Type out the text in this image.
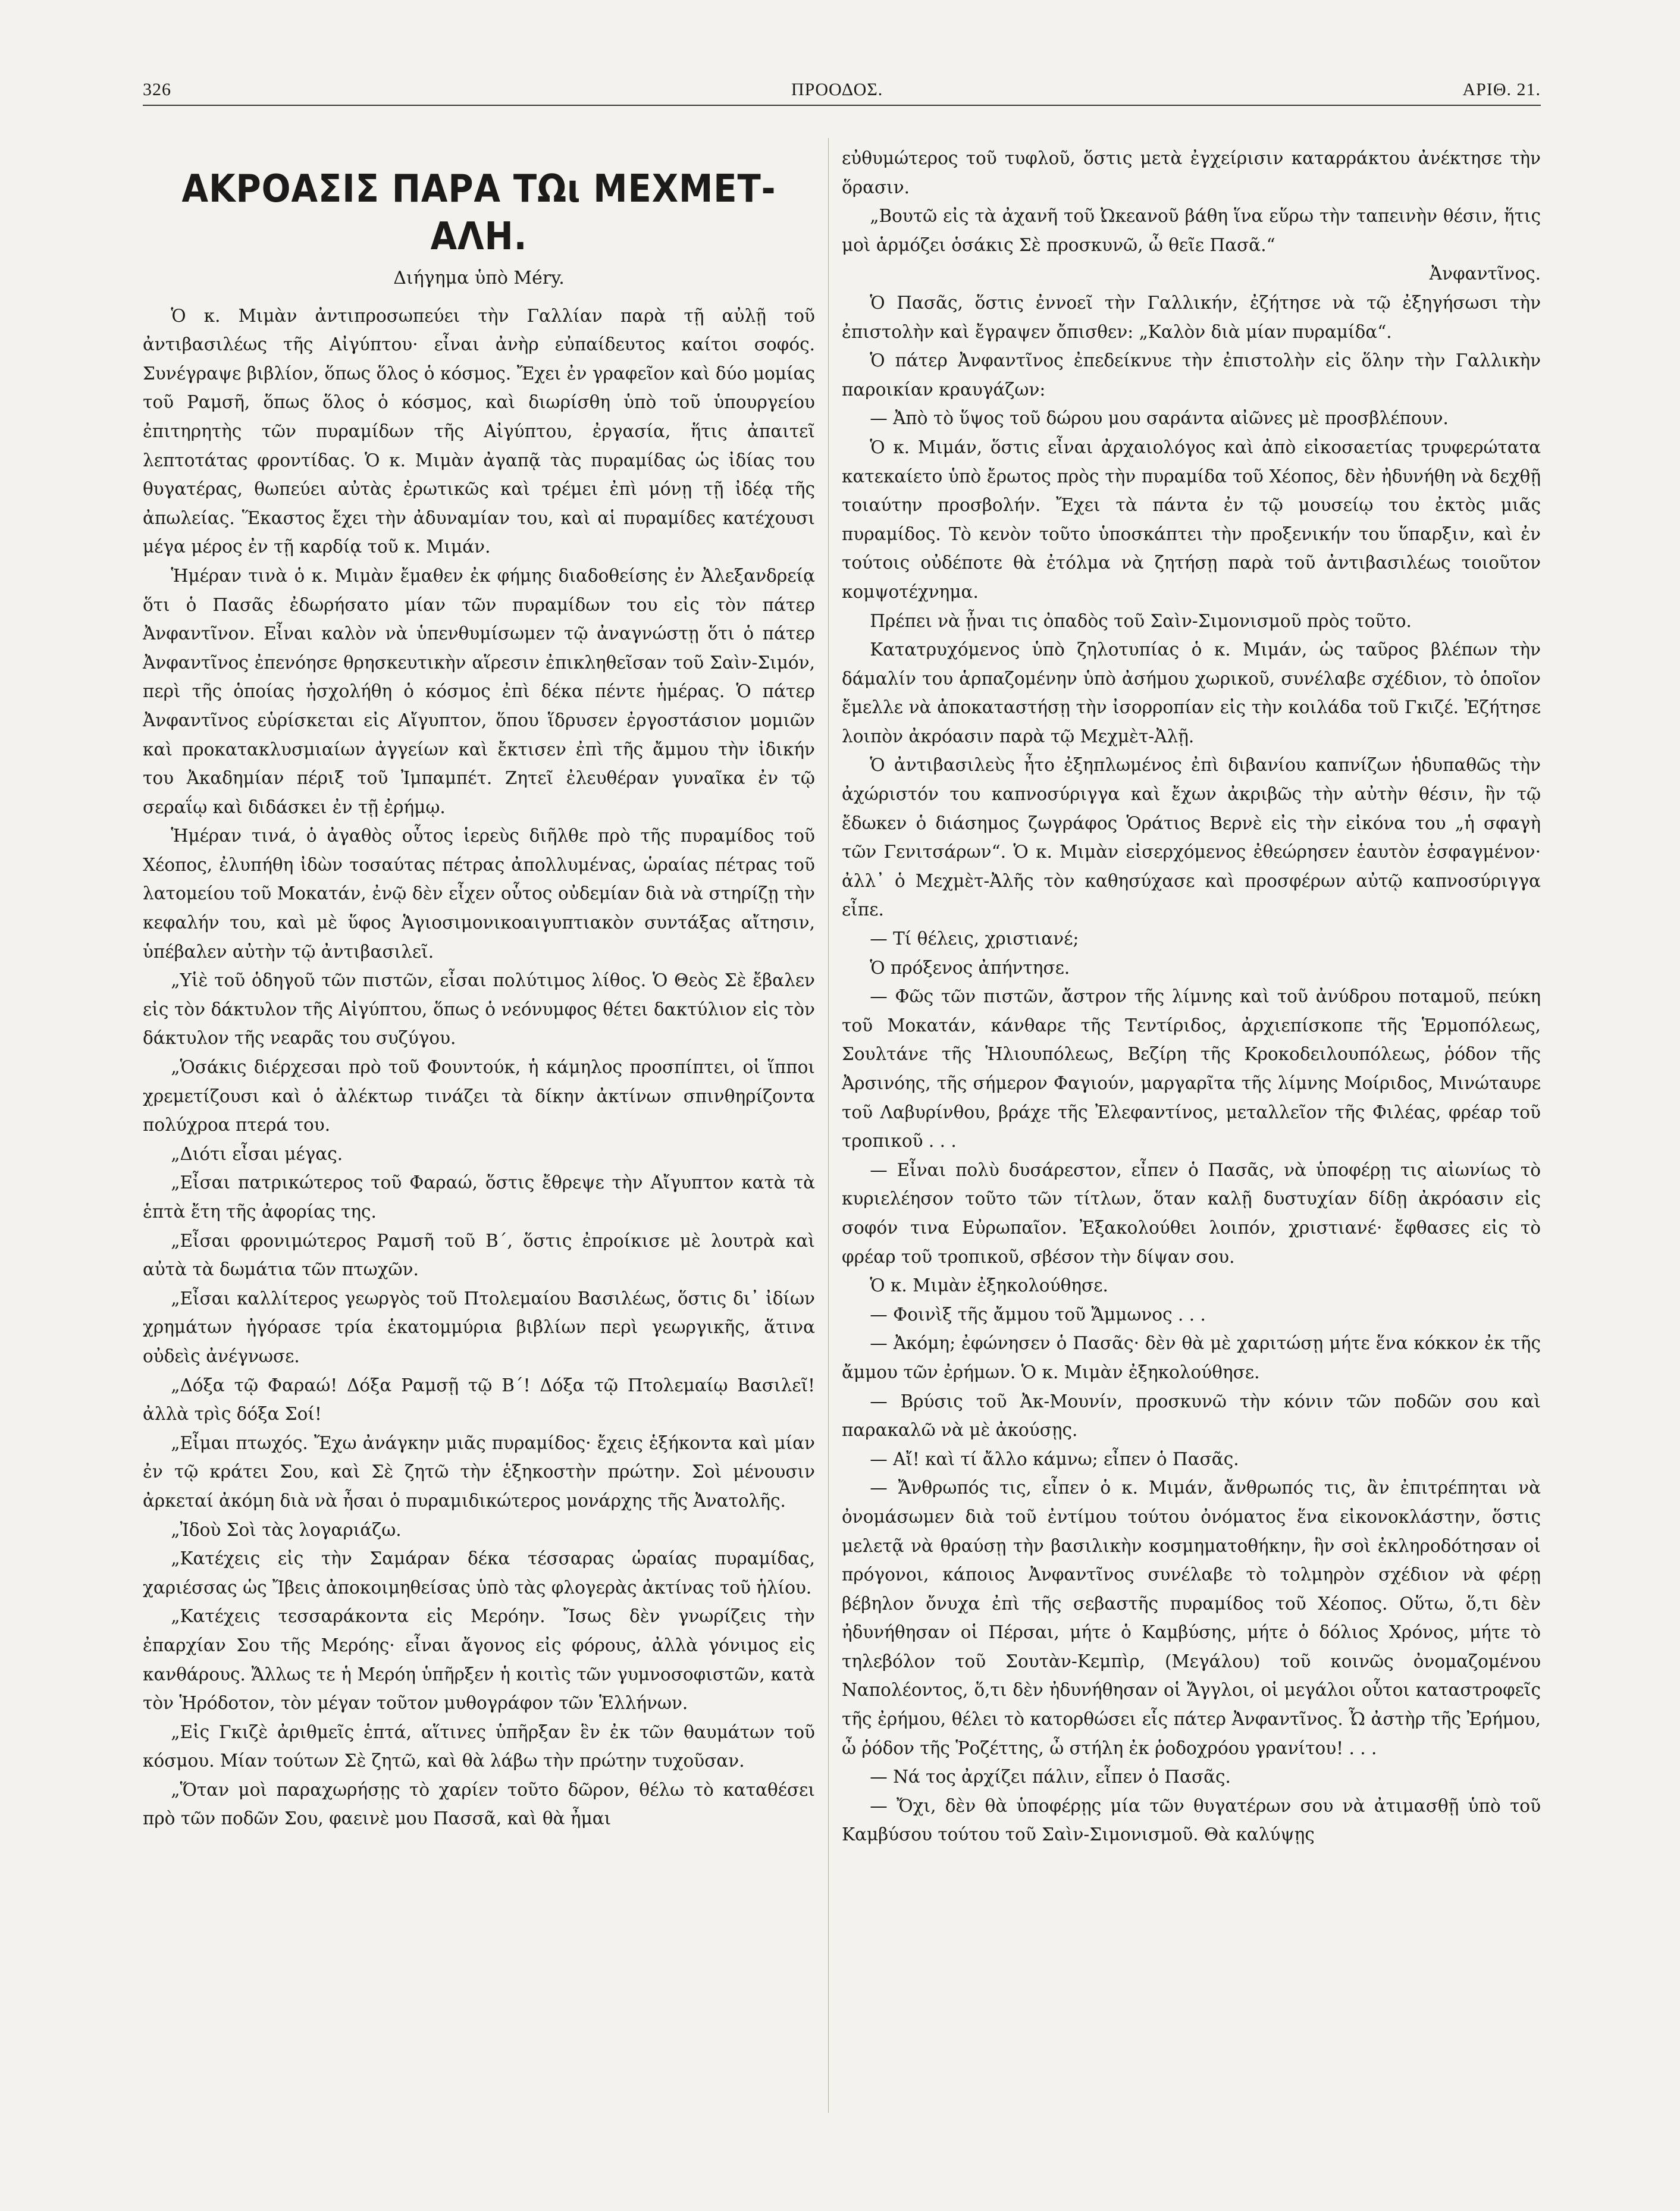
326	ΠΡΟΟΔΟΣ.	ΑΡΙΘ. 21.
ΑΚΡΟΑΣΙΣ ΠΑΡΑ ΤΩι ΜΕΧΜΕΤ-ΑΛΗ.
Διήγημα ὑπὸ Méry.

Ὁ κ. Μιμὰν ἀντιπροσωπεύει τὴν Γαλλίαν παρὰ τῇ αὐλῇ τοῦ ἀντιβασιλέως τῆς Αἰγύπτου· εἶναι ἀνὴρ εὐπαίδευτος καίτοι σοφός. Συνέγραψε βιβλίον, ὅπως ὅλος ὁ κόσμος. Ἔχει ἐν γραφεῖον καὶ δύο μομίας τοῦ Ραμσῆ, ὅπως ὅλος ὁ κόσμος, καὶ διωρίσθη ὑπὸ τοῦ ὑπουργείου ἐπιτηρητὴς τῶν πυραμίδων τῆς Αἰγύπτου, ἐργασία, ἥτις ἀπαιτεῖ λεπτοτάτας φροντίδας. Ὁ κ. Μιμὰν ἀγαπᾷ τὰς πυραμίδας ὡς ἰδίας του θυγατέρας, θωπεύει αὐτὰς ἐρωτικῶς καὶ τρέμει ἐπὶ μόνῃ τῇ ἰδέᾳ τῆς ἀπωλείας. Ἕκαστος ἔχει τὴν ἀδυναμίαν του, καὶ αἱ πυραμίδες κατέχουσι μέγα μέρος ἐν τῇ καρδίᾳ τοῦ κ. Μιμάν.

Ἡμέραν τινὰ ὁ κ. Μιμὰν ἔμαθεν ἐκ φήμης διαδοθείσης ἐν Ἀλεξανδρείᾳ ὅτι ὁ Πασᾶς ἐδωρήσατο μίαν τῶν πυραμίδων του εἰς τὸν πάτερ Ἀνφαντῖνον. Εἶναι καλὸν νὰ ὑπενθυμίσωμεν τῷ ἀναγνώστῃ ὅτι ὁ πάτερ Ἀνφαντῖνος ἐπενόησε θρησκευτικὴν αἵρεσιν ἐπικληθεῖσαν τοῦ Σαὶν-Σιμόν, περὶ τῆς ὁποίας ἠσχολήθη ὁ κόσμος ἐπὶ δέκα πέντε ἡμέρας. Ὁ πάτερ Ἀνφαντῖνος εὑρίσκεται εἰς Αἴγυπτον, ὅπου ἵδρυσεν ἐργοστάσιον μομιῶν καὶ προκατακλυσμιαίων ἀγγείων καὶ ἔκτισεν ἐπὶ τῆς ἄμμου τὴν ἰδικήν του Ἀκαδημίαν πέριξ τοῦ Ἰμπαμπέτ. Ζητεῖ ἐλευθέραν γυναῖκα ἐν τῷ σεραΐῳ καὶ διδάσκει ἐν τῇ ἐρήμῳ.

Ἡμέραν τινά, ὁ ἀγαθὸς οὗτος ἱερεὺς διῆλθε πρὸ τῆς πυραμίδος τοῦ Χέοπος, ἐλυπήθη ἰδὼν τοσαύτας πέτρας ἀπολλυμένας, ὡραίας πέτρας τοῦ λατομείου τοῦ Μοκατάν, ἐνῷ δὲν εἶχεν οὗτος οὐδεμίαν διὰ νὰ στηρίζῃ τὴν κεφαλήν του, καὶ μὲ ὕφος Ἁγιοσιμονικοαιγυπτιακὸν συντάξας αἴτησιν, ὑπέβαλεν αὐτὴν τῷ ἀντιβασιλεῖ.

„Υἱὲ τοῦ ὁδηγοῦ τῶν πιστῶν, εἶσαι πολύτιμος λίθος. Ὁ Θεὸς Σὲ ἔβαλεν εἰς τὸν δάκτυλον τῆς Αἰγύπτου, ὅπως ὁ νεόνυμφος θέτει δακτύλιον εἰς τὸν δάκτυλον τῆς νεαρᾶς του συζύγου.

„Ὁσάκις διέρχεσαι πρὸ τοῦ Φουντούκ, ἡ κάμηλος προσπίπτει, οἱ ἵπποι χρεμετίζουσι καὶ ὁ ἀλέκτωρ τινάζει τὰ δίκην ἀκτίνων σπινθηρίζοντα πολύχροα πτερά του.

„Διότι εἶσαι μέγας.

„Εἶσαι πατρικώτερος τοῦ Φαραώ, ὅστις ἔθρεψε τὴν Αἴγυπτον κατὰ τὰ ἑπτὰ ἔτη τῆς ἀφορίας της.

„Εἶσαι φρονιμώτερος Ραμσῆ τοῦ Β΄, ὅστις ἐπροίκισε μὲ λουτρὰ καὶ αὐτὰ τὰ δωμάτια τῶν πτωχῶν.

„Εἶσαι καλλίτερος γεωργὸς τοῦ Πτολεμαίου Βασιλέως, ὅστις δι᾽ ἰδίων χρημάτων ἠγόρασε τρία ἑκατομμύρια βιβλίων περὶ γεωργικῆς, ἅτινα οὐδεὶς ἀνέγνωσε.

„Δόξα τῷ Φαραώ! Δόξα Ραμσῇ τῷ Β΄! Δόξα τῷ Πτολεμαίῳ Βασιλεῖ! ἀλλὰ τρὶς δόξα Σοί!

„Εἶμαι πτωχός. Ἔχω ἀνάγκην μιᾶς πυραμίδος· ἔχεις ἑξήκοντα καὶ μίαν ἐν τῷ κράτει Σου, καὶ Σὲ ζητῶ τὴν ἑξηκοστὴν πρώτην. Σοὶ μένουσιν ἀρκεταί ἀκόμη διὰ νὰ ἦσαι ὁ πυραμιδικώτερος μονάρχης τῆς Ἀνατολῆς.

„Ἰδοὺ Σοὶ τὰς λογαριάζω.

„Κατέχεις εἰς τὴν Σαμάραν δέκα τέσσαρας ὡραίας πυραμίδας, χαριέσσας ὡς Ἴβεις ἀποκοιμηθείσας ὑπὸ τὰς φλογερὰς ἀκτίνας τοῦ ἡλίου.

„Κατέχεις τεσσαράκοντα εἰς Μερόην. Ἴσως δὲν γνωρίζεις τὴν ἐπαρχίαν Σου τῆς Μερόης· εἶναι ἄγονος εἰς φόρους, ἀλλὰ γόνιμος εἰς κανθάρους. Ἄλλως τε ἡ Μερόη ὑπῆρξεν ἡ κοιτὶς τῶν γυμνοσοφιστῶν, κατὰ τὸν Ἡρόδοτον, τὸν μέγαν τοῦτον μυθογράφον τῶν Ἑλλήνων.

„Εἰς Γκιζὲ ἀριθμεῖς ἑπτά, αἵτινες ὑπῆρξαν ἓν ἐκ τῶν θαυμάτων τοῦ κόσμου. Μίαν τούτων Σὲ ζητῶ, καὶ θὰ λάβω τὴν πρώτην τυχοῦσαν.

„Ὅταν μοὶ παραχωρήσῃς τὸ χαρίεν τοῦτο δῶρον, θέλω τὸ καταθέσει πρὸ τῶν ποδῶν Σου, φαεινὲ μου Πασσᾶ, καὶ θὰ ἦμαι

εὐθυμώτερος τοῦ τυφλοῦ, ὅστις μετὰ ἐγχείρισιν καταρράκτου ἀνέκτησε τὴν ὅρασιν.

„Βουτῶ εἰς τὰ ἀχανῆ τοῦ Ὠκεανοῦ βάθη ἵνα εὕρω τὴν ταπεινὴν θέσιν, ἥτις μοὶ ἁρμόζει ὁσάκις Σὲ προσκυνῶ, ὦ θεῖε Πασᾶ.“

Ἀνφαντῖνος.

Ὁ Πασᾶς, ὅστις ἐννοεῖ τὴν Γαλλικήν, ἐζήτησε νὰ τῷ ἐξηγήσωσι τὴν ἐπιστολὴν καὶ ἔγραψεν ὄπισθεν: „Καλὸν διὰ μίαν πυραμίδα“.

Ὁ πάτερ Ἀνφαντῖνος ἐπεδείκνυε τὴν ἐπιστολὴν εἰς ὅλην τὴν Γαλλικὴν παροικίαν κραυγάζων:

— Ἀπὸ τὸ ὕψος τοῦ δώρου μου σαράντα αἰῶνες μὲ προσβλέπουν.

Ὁ κ. Μιμάν, ὅστις εἶναι ἀρχαιολόγος καὶ ἀπὸ εἰκοσαετίας τρυφερώτατα κατεκαίετο ὑπὸ ἔρωτος πρὸς τὴν πυραμίδα τοῦ Χέοπος, δὲν ἠδυνήθη νὰ δεχθῇ τοιαύτην προσβολήν. Ἔχει τὰ πάντα ἐν τῷ μουσείῳ του ἐκτὸς μιᾶς πυραμίδος. Τὸ κενὸν τοῦτο ὑποσκάπτει τὴν προξενικήν του ὕπαρξιν, καὶ ἐν τούτοις οὐδέποτε θὰ ἐτόλμα νὰ ζητήσῃ παρὰ τοῦ ἀντιβασιλέως τοιοῦτον κομψοτέχνημα.

Πρέπει νὰ ᾖναι τις ὀπαδὸς τοῦ Σαὶν-Σιμονισμοῦ πρὸς τοῦτο.

Κατατρυχόμενος ὑπὸ ζηλοτυπίας ὁ κ. Μιμάν, ὡς ταῦρος βλέπων τὴν δάμαλίν του ἁρπαζομένην ὑπὸ ἀσήμου χωρικοῦ, συνέλαβε σχέδιον, τὸ ὁποῖον ἔμελλε νὰ ἀποκαταστήσῃ τὴν ἰσορροπίαν εἰς τὴν κοιλάδα τοῦ Γκιζέ. Ἐζήτησε λοιπὸν ἀκρόασιν παρὰ τῷ Μεχμὲτ-Ἀλῇ.

Ὁ ἀντιβασιλεὺς ἦτο ἐξηπλωμένος ἐπὶ διβανίου καπνίζων ἡδυπαθῶς τὴν ἀχώριστόν του καπνοσύριγγα καὶ ἔχων ἀκριβῶς τὴν αὐτὴν θέσιν, ἣν τῷ ἔδωκεν ὁ διάσημος ζωγράφος Ὁράτιος Βερνὲ εἰς τὴν εἰκόνα του „ἡ σφαγὴ τῶν Γενιτσάρων“. Ὁ κ. Μιμὰν εἰσερχόμενος ἐθεώρησεν ἑαυτὸν ἐσφαγμένον· ἀλλ᾽ ὁ Μεχμὲτ-Ἀλῆς τὸν καθησύχασε καὶ προσφέρων αὐτῷ καπνοσύριγγα εἶπε.

— Τί θέλεις, χριστιανέ;

Ὁ πρόξενος ἀπήντησε.

— Φῶς τῶν πιστῶν, ἄστρον τῆς λίμνης καὶ τοῦ ἀνύδρου ποταμοῦ, πεύκη τοῦ Μοκατάν, κάνθαρε τῆς Τεντίριδος, ἀρχιεπίσκοπε τῆς Ἑρμοπόλεως, Σουλτάνε τῆς Ἡλιουπόλεως, Βεζίρη τῆς Κροκοδειλουπόλεως, ῥόδον τῆς Ἀρσινόης, τῆς σήμερον Φαγιούν, μαργαρῖτα τῆς λίμνης Μοίριδος, Μινώταυρε τοῦ Λαβυρίνθου, βράχε τῆς Ἐλεφαντίνος, μεταλλεῖον τῆς Φιλέας, φρέαρ τοῦ τροπικοῦ . . .

— Εἶναι πολὺ δυσάρεστον, εἶπεν ὁ Πασᾶς, νὰ ὑποφέρῃ τις αἰωνίως τὸ κυριελέησον τοῦτο τῶν τίτλων, ὅταν καλῇ δυστυχίαν δίδῃ ἀκρόασιν εἰς σοφόν τινα Εὐρωπαῖον. Ἐξακολούθει λοιπόν, χριστιανέ· ἔφθασες εἰς τὸ φρέαρ τοῦ τροπικοῦ, σβέσον τὴν δίψαν σου.

Ὁ κ. Μιμὰν ἐξηκολούθησε.

— Φοινὶξ τῆς ἄμμου τοῦ Ἄμμωνος . . .

— Ἀκόμη; ἐφώνησεν ὁ Πασᾶς· δὲν θὰ μὲ χαριτώσῃ μήτε ἕνα κόκκον ἐκ τῆς ἄμμου τῶν ἐρήμων. Ὁ κ. Μιμὰν ἐξηκολούθησε.

— Βρύσις τοῦ Ἀκ-Μουνίν, προσκυνῶ τὴν κόνιν τῶν ποδῶν σου καὶ παρακαλῶ νὰ μὲ ἀκούσῃς.

— Αἴ! καὶ τί ἄλλο κάμνω; εἶπεν ὁ Πασᾶς.

— Ἄνθρωπός τις, εἶπεν ὁ κ. Μιμάν, ἄνθρωπός τις, ἂν ἐπιτρέπηται νὰ ὀνομάσωμεν διὰ τοῦ ἐντίμου τούτου ὀνόματος ἕνα εἰκονοκλάστην, ὅστις μελετᾷ νὰ θραύσῃ τὴν βασιλικὴν κοσμηματοθήκην, ἣν σοὶ ἐκληροδότησαν οἱ πρόγονοι, κάποιος Ἀνφαντῖνος συνέλαβε τὸ τολμηρὸν σχέδιον νὰ φέρῃ βέβηλον ὄνυχα ἐπὶ τῆς σεβαστῆς πυραμίδος τοῦ Χέοπος. Οὕτω, ὅ,τι δὲν ἠδυνήθησαν οἱ Πέρσαι, μήτε ὁ Καμβύσης, μήτε ὁ δόλιος Χρόνος, μήτε τὸ τηλεβόλον τοῦ Σουτὰν-Κεμπὶρ, (Μεγάλου) τοῦ κοινῶς ὀνομαζομένου Ναπολέοντος, ὅ,τι δὲν ἠδυνήθησαν οἱ Ἄγγλοι, οἱ μεγάλοι οὗτοι καταστροφεῖς τῆς ἐρήμου, θέλει τὸ κατορθώσει εἷς πάτερ Ἀνφαντῖνος. Ὦ ἀστὴρ τῆς Ἐρήμου, ὦ ῥόδον τῆς Ῥοζέττης, ὦ στήλη ἐκ ῥοδοχρόου γρανίτου! . . .

— Νά τος ἀρχίζει πάλιν, εἶπεν ὁ Πασᾶς.

— Ὄχι, δὲν θὰ ὑποφέρῃς μία τῶν θυγατέρων σου νὰ ἀτιμασθῇ ὑπὸ τοῦ Καμβύσου τούτου τοῦ Σαὶν-Σιμονισμοῦ. Θὰ καλύψῃς
